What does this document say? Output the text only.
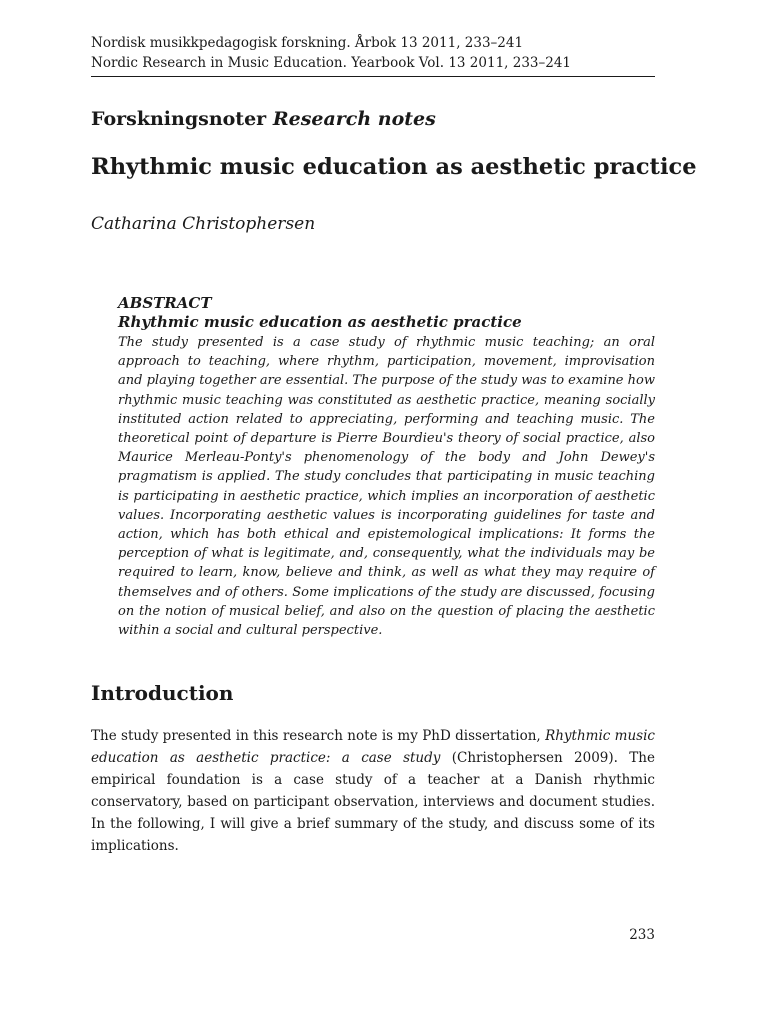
Nordisk musikkpedagogisk forskning. Årbok 13 2011, 233–241
Nordic Research in Music Education. Yearbook Vol. 13 2011, 233–241
Forskningsnoter Research notes
Rhythmic music education as aesthetic practice
Catharina Christophersen
ABSTRACT
Rhythmic music education as aesthetic practice

The study presented is a case study of rhythmic music teaching; an oral approach to teaching, where rhythm, participation, movement, improvisation and playing together are essential. The purpose of the study was to examine how rhythmic music teaching was constituted as aesthetic practice, meaning socially instituted action related to appreciating, performing and teaching music. The theoretical point of departure is Pierre Bourdieu's theory of social practice, also Maurice Merleau-Ponty's phenomenology of the body and John Dewey's pragmatism is applied. The study concludes that participating in music teaching is participating in aesthetic practice, which implies an incorporation of aesthetic values. Incorporating aesthetic values is incorporating guidelines for taste and action, which has both ethical and epistemological implications: It forms the perception of what is legitimate, and, consequently, what the individuals may be required to learn, know, believe and think, as well as what they may require of themselves and of others. Some implications of the study are discussed, focusing on the notion of musical belief, and also on the question of placing the aesthetic within a social and cultural perspective.

Introduction

The study presented in this research note is my PhD dissertation, Rhythmic music education as aesthetic practice: a case study (Christophersen 2009). The empirical foundation is a case study of a teacher at a Danish rhythmic conservatory, based on participant observation, interviews and document studies. In the following, I will give a brief summary of the study, and discuss some of its implications.

233
